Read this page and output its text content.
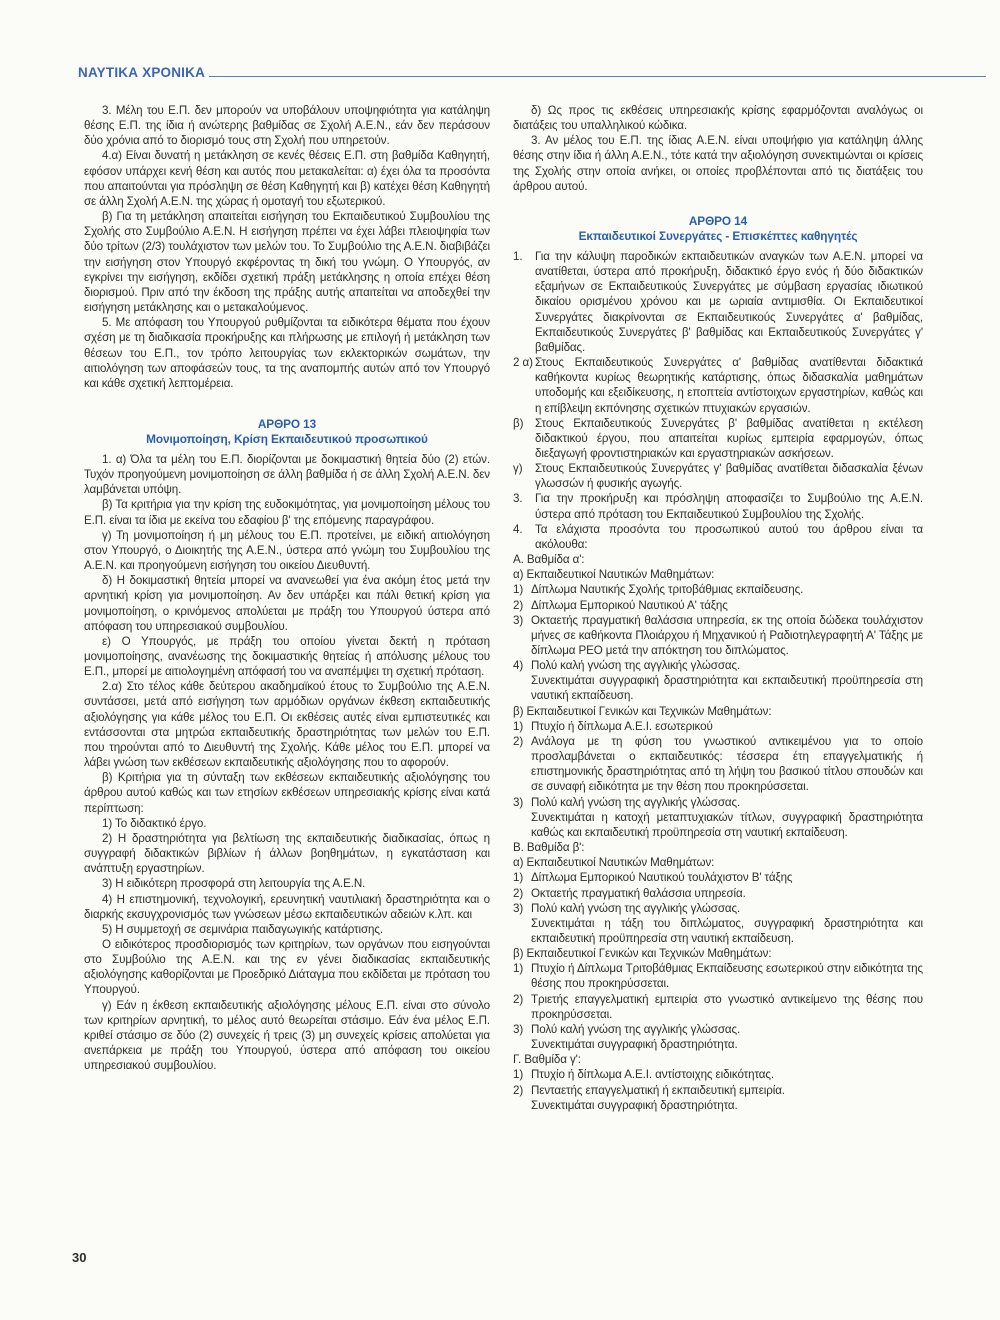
ΝΑΥΤΙΚΑ ΧΡΟΝΙΚΑ

3. Μέλη του Ε.Π. δεν μπορούν να υποβάλουν υποψηφιότητα για κατάληψη θέσης Ε.Π. της ίδια ή ανώτερης βαθμίδας σε Σχολή Α.Ε.Ν., εάν δεν περάσουν δύο χρόνια από το διορισμό τους στη Σχολή που υπηρετούν.

4.α) Είναι δυνατή η μετάκληση σε κενές θέσεις Ε.Π. στη βαθμίδα Καθηγητή, εφόσον υπάρχει κενή θέση και αυτός που μετακαλείται: α) έχει όλα τα προσόντα που απαιτούνται για πρόσληψη σε θέση Καθηγητή και β) κατέχει θέση Καθηγητή σε άλλη Σχολή Α.Ε.Ν. της χώρας ή ομοταγή του εξωτερικού.

β) Για τη μετάκληση απαιτείται εισήγηση του Εκπαιδευτικού Συμβουλίου της Σχολής στο Συμβούλιο Α.Ε.Ν. Η εισήγηση πρέπει να έχει λάβει πλειοψηφία των δύο τρίτων (2/3) τουλάχιστον των μελών του. Το Συμβούλιο της Α.Ε.Ν. διαβιβάζει την εισήγηση στον Υπουργό εκφέροντας τη δική του γνώμη. Ο Υπουργός, αν εγκρίνει την εισήγηση, εκδίδει σχετική πράξη μετάκλησης η οποία επέχει θέση διορισμού. Πριν από την έκδοση της πράξης αυτής απαιτείται να αποδεχθεί την εισήγηση μετάκλησης και ο μετακαλούμενος.

5. Με απόφαση του Υπουργού ρυθμίζονται τα ειδικότερα θέματα που έχουν σχέση με τη διαδικασία προκήρυξης και πλήρωσης με επιλογή ή μετάκληση των θέσεων του Ε.Π., τον τρόπο λειτουργίας των εκλεκτορικών σωμάτων, την αιτιολόγηση των αποφάσεών τους, τα της αναπομπής αυτών από τον Υπουργό και κάθε σχετική λεπτομέρεια.

ΑΡΘΡΟ 13
Μονιμοποίηση, Κρίση Εκπαιδευτικού προσωπικού

1. α) Όλα τα μέλη του Ε.Π. διορίζονται με δοκιμαστική θητεία δύο (2) ετών. Τυχόν προηγούμενη μονιμοποίηση σε άλλη βαθμίδα ή σε άλλη Σχολή Α.Ε.Ν. δεν λαμβάνεται υπόψη.

β) Τα κριτήρια για την κρίση της ευδοκιμότητας, για μονιμοποίηση μέλους του Ε.Π. είναι τα ίδια με εκείνα του εδαφίου β' της επόμενης παραγράφου.

γ) Τη μονιμοποίηση ή μη μέλους του Ε.Π. προτείνει, με ειδική αιτιολόγηση στον Υπουργό, ο Διοικητής της Α.Ε.Ν., ύστερα από γνώμη του Συμβουλίου της Α.Ε.Ν. και προηγούμενη εισήγηση του οικείου Διευθυντή.

δ) Η δοκιμαστική θητεία μπορεί να ανανεωθεί για ένα ακόμη έτος μετά την αρνητική κρίση για μονιμοποίηση. Αν δεν υπάρξει και πάλι θετική κρίση για μονιμοποίηση, ο κρινόμενος απολύεται με πράξη του Υπουργού ύστερα από απόφαση του υπηρεσιακού συμβουλίου.

ε) Ο Υπουργός, με πράξη του οποίου γίνεται δεκτή η πρόταση μονιμοποίησης, ανανέωσης της δοκιμαστικής θητείας ή απόλυσης μέλους του Ε.Π., μπορεί με αιτιολογημένη απόφασή του να αναπέμψει τη σχετική πρόταση.

2.α) Στο τέλος κάθε δεύτερου ακαδημαϊκού έτους το Συμβούλιο της Α.Ε.Ν. συντάσσει, μετά από εισήγηση των αρμόδιων οργάνων έκθεση εκπαιδευτικής αξιολόγησης για κάθε μέλος του Ε.Π. Οι εκθέσεις αυτές είναι εμπιστευτικές και εντάσσονται στα μητρώα εκπαιδευτικής δραστηριότητας των μελών του Ε.Π. που τηρούνται από το Διευθυντή της Σχολής. Κάθε μέλος του Ε.Π. μπορεί να λάβει γνώση των εκθέσεων εκπαιδευτικής αξιολόγησης που το αφορούν.

β) Κριτήρια για τη σύνταξη των εκθέσεων εκπαιδευτικής αξιολόγησης του άρθρου αυτού καθώς και των ετησίων εκθέσεων υπηρεσιακής κρίσης είναι κατά περίπτωση:

1) Το διδακτικό έργο.

2) Η δραστηριότητα για βελτίωση της εκπαιδευτικής διαδικασίας, όπως η συγγραφή διδακτικών βιβλίων ή άλλων βοηθημάτων, η εγκατάσταση και ανάπτυξη εργαστηρίων.

3) Η ειδικότερη προσφορά στη λειτουργία της Α.Ε.Ν.

4) Η επιστημονική, τεχνολογική, ερευνητική ναυτιλιακή δραστηριότητα και ο διαρκής εκσυγχρονισμός των γνώσεων μέσω εκπαιδευτικών αδειών κ.λπ. και

5) Η συμμετοχή σε σεμινάρια παιδαγωγικής κατάρτισης.

Ο ειδικότερος προσδιορισμός των κριτηρίων, των οργάνων που εισηγούνται στο Συμβούλιο της Α.Ε.Ν. και της εν γένει διαδικασίας εκπαιδευτικής αξιολόγησης καθορίζονται με Προεδρικό Διάταγμα που εκδίδεται με πρόταση του Υπουργού.

γ) Εάν η έκθεση εκπαιδευτικής αξιολόγησης μέλους Ε.Π. είναι στο σύνολο των κριτηρίων αρνητική, το μέλος αυτό θεωρείται στάσιμο. Εάν ένα μέλος Ε.Π. κριθεί στάσιμο σε δύο (2) συνεχείς ή τρεις (3) μη συνεχείς κρίσεις απολύεται για ανεπάρκεια με πράξη του Υπουργού, ύστερα από απόφαση του οικείου υπηρεσιακού συμβουλίου.

δ) Ως προς τις εκθέσεις υπηρεσιακής κρίσης εφαρμόζονται αναλόγως οι διατάξεις του υπαλληλικού κώδικα.

3. Αν μέλος του Ε.Π. της ίδιας Α.Ε.Ν. είναι υποψήφιο για κατάληψη άλλης θέσης στην ίδια ή άλλη Α.Ε.Ν., τότε κατά την αξιολόγηση συνεκτιμώνται οι κρίσεις της Σχολής στην οποία ανήκει, οι οποίες προβλέπονται από τις διατάξεις του άρθρου αυτού.

ΑΡΘΡΟ 14
Εκπαιδευτικοί Συνεργάτες - Επισκέπτες καθηγητές
1.	Για την κάλυψη παροδικών εκπαιδευτικών αναγκών των Α.Ε.Ν. μπορεί να ανατίθεται, ύστερα από προκήρυξη, διδακτικό έργο ενός ή δύο διδακτικών εξαμήνων σε Εκπαιδευτικούς Συνεργάτες με σύμβαση εργασίας ιδιωτικού δικαίου ορισμένου χρόνου και με ωριαία αντιμισθία. Οι Εκπαιδευτικοί Συνεργάτες διακρίνονται σε Εκπαιδευτικούς Συνεργάτες α' βαθμίδας, Εκπαιδευτικούς Συνεργάτες β' βαθμίδας και Εκπαιδευτικούς Συνεργάτες γ' βαθμίδας.
2 α) Στους Εκπαιδευτικούς Συνεργάτες α' βαθμίδας ανατίθενται διδακτικά καθήκοντα κυρίως θεωρητικής κατάρτισης, όπως διδασκαλία μαθημάτων υποδομής και εξειδίκευσης, η εποπτεία αντίστοιχων εργαστηρίων, καθώς και η επίβλεψη εκπόνησης σχετικών πτυχιακών εργασιών.
β)	Στους Εκπαιδευτικούς Συνεργάτες β' βαθμίδας ανατίθεται η εκτέλεση διδακτικού έργου, που απαιτείται κυρίως εμπειρία εφαρμογών, όπως διεξαγωγή φροντιστηριακών και εργαστηριακών ασκήσεων.
γ)	Στους Εκπαιδευτικούς Συνεργάτες γ' βαθμίδας ανατίθεται διδασκαλία ξένων γλωσσών ή φυσικής αγωγής.
3.	Για την προκήρυξη και πρόσληψη αποφασίζει το Συμβούλιο της Α.Ε.Ν. ύστερα από πρόταση του Εκπαιδευτικού Συμβουλίου της Σχολής.
4.	Τα ελάχιστα προσόντα του προσωπικού αυτού του άρθρου είναι τα ακόλουθα:

Α. Βαθμίδα α':

α) Εκπαιδευτικοί Ναυτικών Μαθημάτων:

1) Δίπλωμα Ναυτικής Σχολής τριτοβάθμιας εκπαίδευσης.
2) Δίπλωμα Εμπορικού Ναυτικού Α' τάξης
3) Οκταετής πραγματική θαλάσσια υπηρεσία, εκ της οποία δώδεκα τουλάχιστον μήνες σε καθήκοντα Πλοιάρχου ή Μηχανικού ή Ραδιοτηλεγραφητή Α' Τάξης με δίπλωμα ΡΕΟ μετά την απόκτηση του διπλώματος.
4) Πολύ καλή γνώση της αγγλικής γλώσσας.

Συνεκτιμάται συγγραφική δραστηριότητα και εκπαιδευτική προϋπηρεσία στη ναυτική εκπαίδευση.

β) Εκπαιδευτικοί Γενικών και Τεχνικών Μαθημάτων:

1) Πτυχίο ή δίπλωμα Α.Ε.Ι. εσωτερικού
2) Ανάλογα με τη φύση του γνωστικού αντικειμένου για το οποίο προσλαμβάνεται ο εκπαιδευτικός: τέσσερα έτη επαγγελματικής ή επιστημονικής δραστηριότητας από τη λήψη του βασικού τίτλου σπουδών και σε συναφή ειδικότητα με την θέση που προκηρύσσεται.
3) Πολύ καλή γνώση της αγγλικής γλώσσας.

Συνεκτιμάται η κατοχή μεταπτυχιακών τίτλων, συγγραφική δραστηριότητα καθώς και εκπαιδευτική προϋπηρεσία στη ναυτική εκπαίδευση.

Β. Βαθμίδα β':

α) Εκπαιδευτικοί Ναυτικών Μαθημάτων:

1) Δίπλωμα Εμπορικού Ναυτικού τουλάχιστον Β' τάξης
2) Οκταετής πραγματική θαλάσσια υπηρεσία.
3) Πολύ καλή γνώση της αγγλικής γλώσσας.

Συνεκτιμάται η τάξη του διπλώματος, συγγραφική δραστηριότητα και εκπαιδευτική προϋπηρεσία στη ναυτική εκπαίδευση.

β) Εκπαιδευτικοί Γενικών και Τεχνικών Μαθημάτων:

1) Πτυχίο ή Δίπλωμα Τριτοβάθμιας Εκπαίδευσης εσωτερικού στην ειδικότητα της θέσης που προκηρύσσεται.
2) Τριετής επαγγελματική εμπειρία στο γνωστικό αντικείμενο της θέσης που προκηρύσσεται.
3) Πολύ καλή γνώση της αγγλικής γλώσσας.

Συνεκτιμάται συγγραφική δραστηριότητα.

Γ. Βαθμίδα γ':

1) Πτυχίο ή δίπλωμα Α.Ε.Ι. αντίστοιχης ειδικότητας.
2) Πενταετής επαγγελματική ή εκπαιδευτική εμπειρία.

Συνεκτιμάται συγγραφική δραστηριότητα.

30
